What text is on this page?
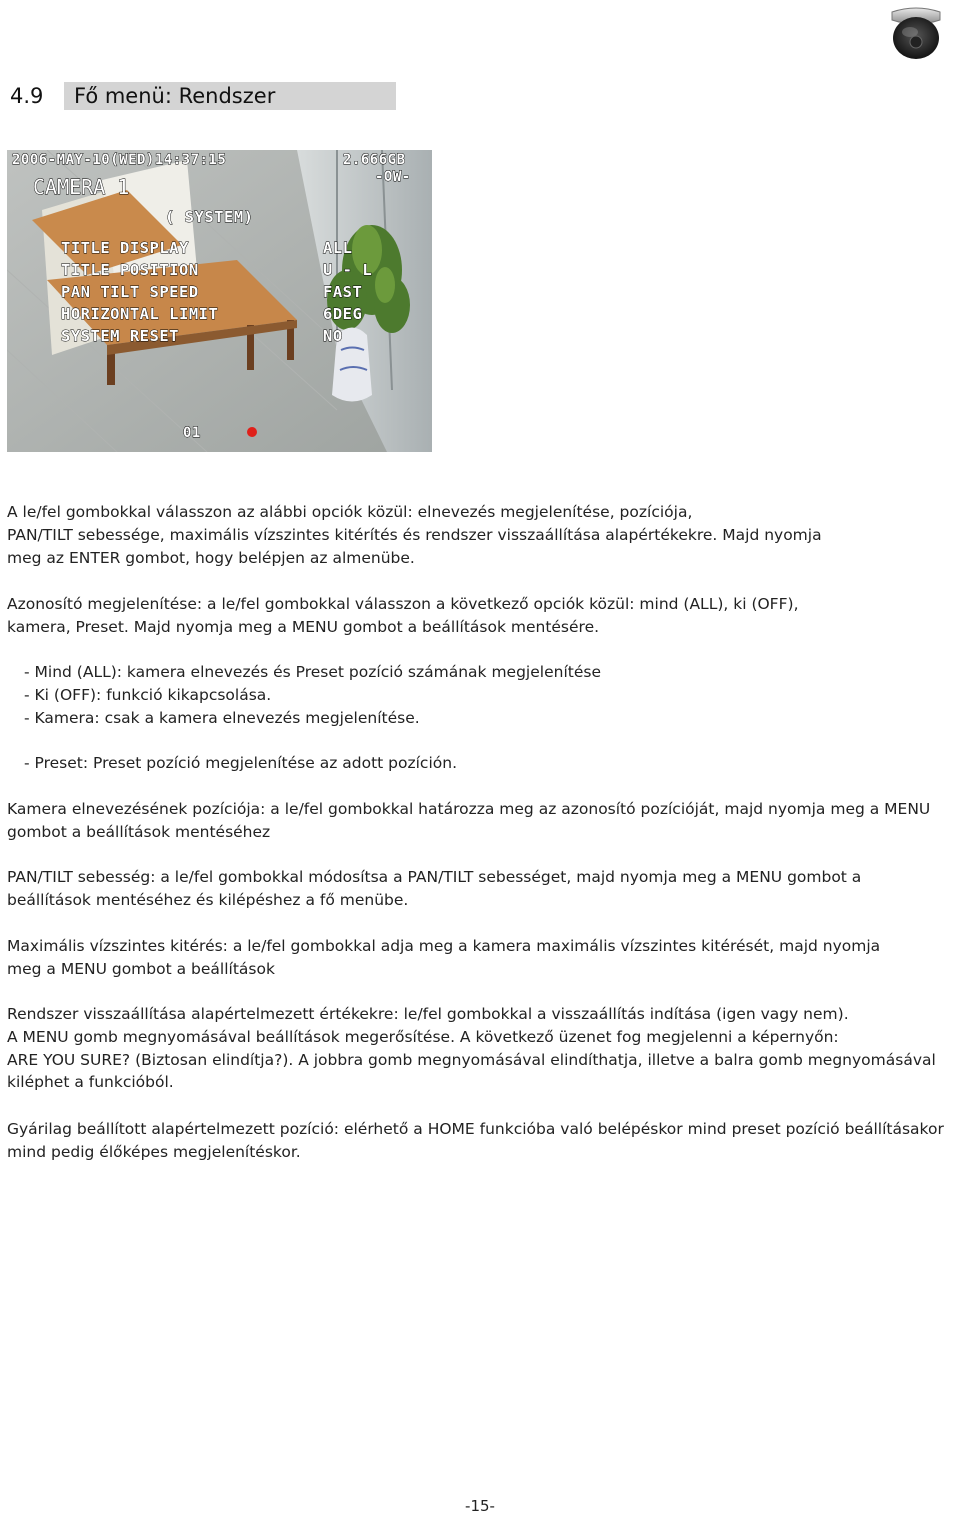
4.9 Fő menü: Rendszer
2006-MAY-10(WED)14:37:15	2.666GB
-OW-
CAMERA 1
( SYSTEM)
TITLE DISPLAY	ALL
TITLE POSITION	U - L
PAN TILT SPEED	FAST
HORIZONTAL LIMIT	6DEG
SYSTEM RESET	NO
01
A le/fel gombokkal válasszon az alábbi opciók közül: elnevezés megjelenítése, pozíciója,
PAN/TILT sebessége, maximális vízszintes kitérítés és rendszer visszaállítása alapértékekre. Majd nyomja
meg az ENTER gombot, hogy belépjen az almenübe.
Azonosító megjelenítése: a le/fel gombokkal válasszon a következő opciók közül: mind (ALL), ki (OFF),
kamera, Preset. Majd nyomja meg a MENU gombot a beállítások mentésére.
- Mind (ALL): kamera elnevezés és Preset pozíció számának megjelenítése
- Ki (OFF): funkció kikapcsolása.
- Kamera: csak a kamera elnevezés megjelenítése.
- Preset: Preset pozíció megjelenítése az adott pozíción.
Kamera elnevezésének pozíciója: a le/fel gombokkal határozza meg az azonosító pozícióját, majd nyomja meg a MENU
gombot a beállítások mentéséhez
PAN/TILT sebesség: a le/fel gombokkal módosítsa a PAN/TILT sebességet, majd nyomja meg a MENU gombot a
beállítások mentéséhez és kilépéshez a fő menübe.
Maximális vízszintes kitérés: a le/fel gombokkal adja meg a kamera maximális vízszintes kitérését, majd nyomja
meg a MENU gombot a beállítások
Rendszer visszaállítása alapértelmezett értékekre: le/fel gombokkal a visszaállítás indítása (igen vagy nem).
A MENU gomb megnyomásával beállítások megerősítése. A következő üzenet fog megjelenni a képernyőn:
ARE YOU SURE? (Biztosan elindítja?). A jobbra gomb megnyomásával elindíthatja, illetve a balra gomb megnyomásával
kiléphet a funkcióból.
Gyárilag beállított alapértelmezett pozíció: elérhető a HOME funkcióba való belépéskor mind preset pozíció beállításakor
mind pedig élőképes megjelenítéskor.
-15-
